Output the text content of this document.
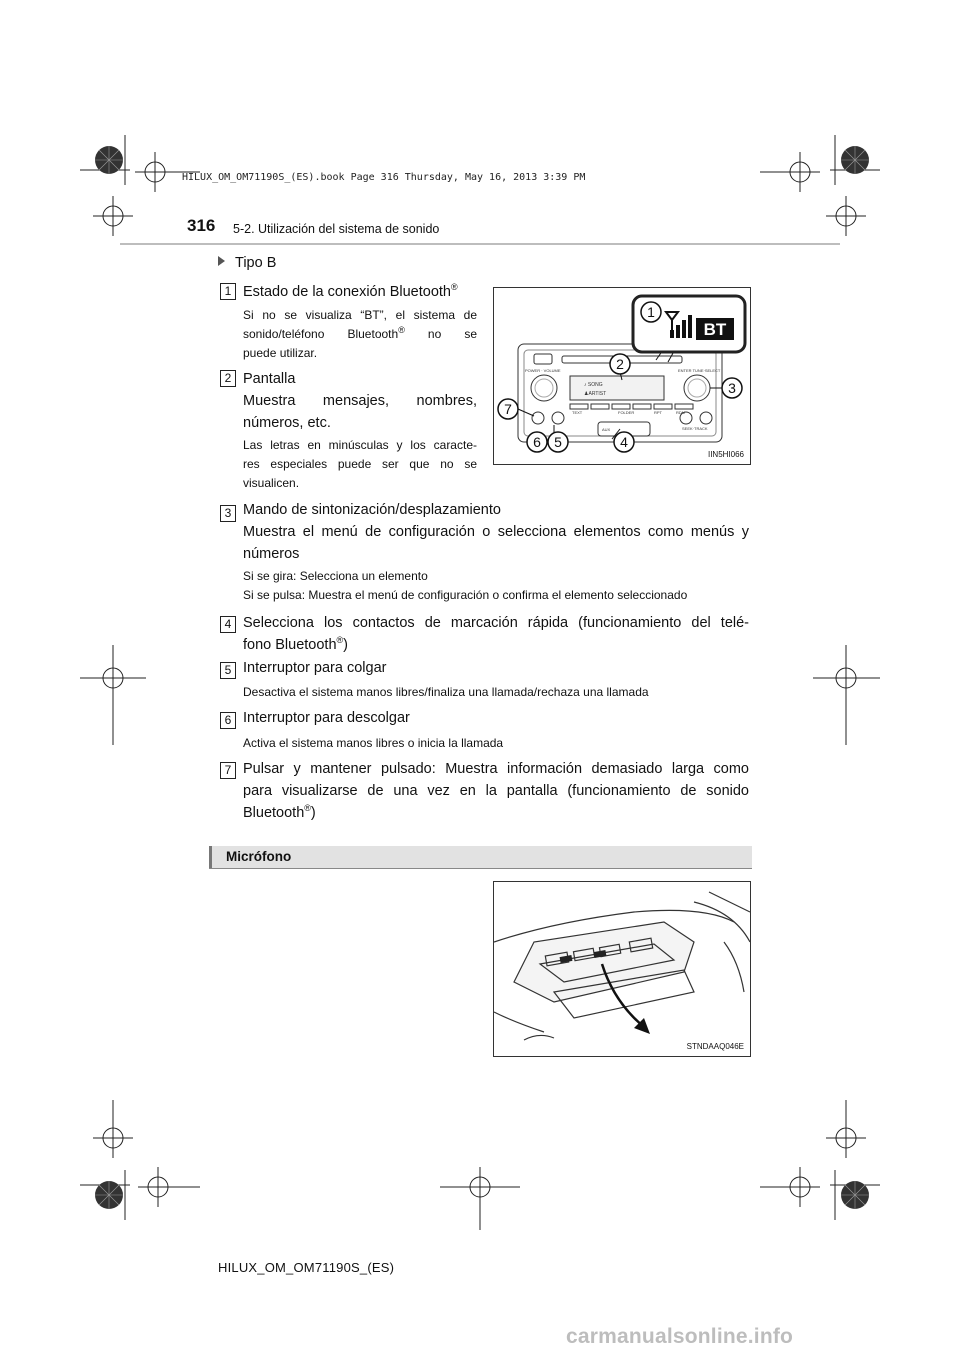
HILUX_OM_OM71190S_(ES).book Page 316 Thursday, May 16, 2013 3:39 PM
316 5-2. Utilización del sistema de sonido
Tipo B
1 Estado de la conexión Bluetooth®
Si no se visualiza “BT”, el sistema de
sonido/teléfono Bluetooth® no se
puede utilizar.
2 Pantalla
Muestra mensajes, nombres,
números, etc.
Las letras en minúsculas y los caracte-
res especiales puede ser que no se
visualicen.
BT
POWER · VOLUME	ENTER TUNE·SELECT
♪ SONG
♟ARTIST
TEXT	FOLDER	RPT	RDM
AUX	SEEK·TRACK
1
2
3
4
5
6
7
IIN5HI066
3 Mando de sintonización/desplazamiento
Muestra el menú de configuración o selecciona elementos como menús y
números
Si se gira: Selecciona un elemento
Si se pulsa: Muestra el menú de configuración o confirma el elemento seleccionado
4 Selecciona los contactos de marcación rápida (funcionamiento del telé-
fono Bluetooth®)
5 Interruptor para colgar
Desactiva el sistema manos libres/finaliza una llamada/rechaza una llamada
6 Interruptor para descolgar
Activa el sistema manos libres o inicia la llamada
7 Pulsar y mantener pulsado: Muestra información demasiado larga como
para visualizarse de una vez en la pantalla (funcionamiento de sonido
Bluetooth®)
Micrófono
STNDAAQ046E
HILUX_OM_OM71190S_(ES)
carmanualsonline.info
